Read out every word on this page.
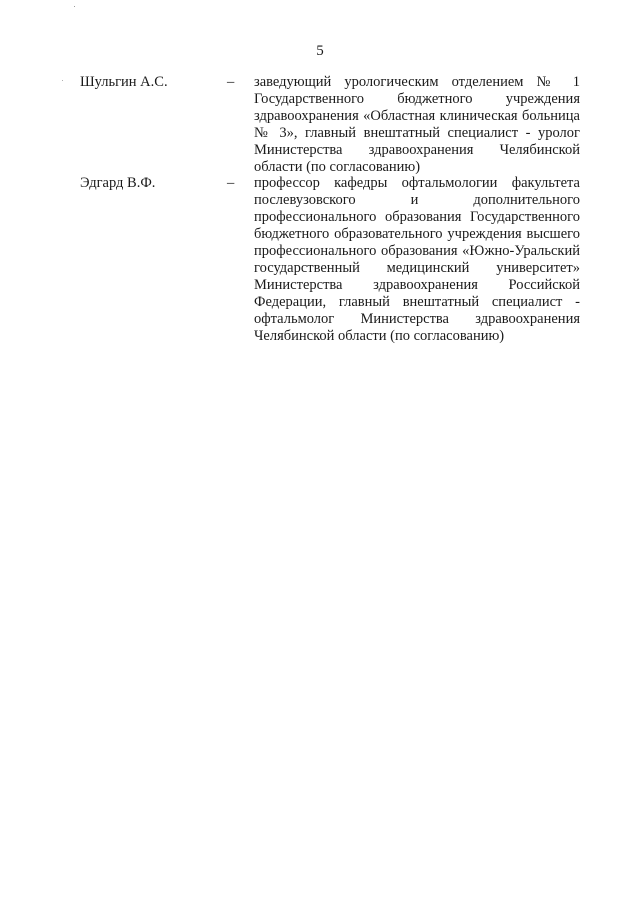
5
Шульгин А.С.	–	заведующий урологическим отделением № 1 Государственного бюджетного учреждения здравоохранения «Областная клиническая больница № 3», главный внештатный специалист - уролог Министерства здравоохранения Челябинской области (по согласованию)
Эдгард В.Ф.	–	профессор кафедры офтальмологии факультета послевузовского и дополнительного профессионального образования Государственного бюджетного образовательного учреждения высшего профессионального образования «Южно-Уральский государственный медицинский университет» Министерства здравоохранения Российской Федерации, главный внештатный специалист - офтальмолог Министерства здравоохранения Челябинской области (по согласованию)
